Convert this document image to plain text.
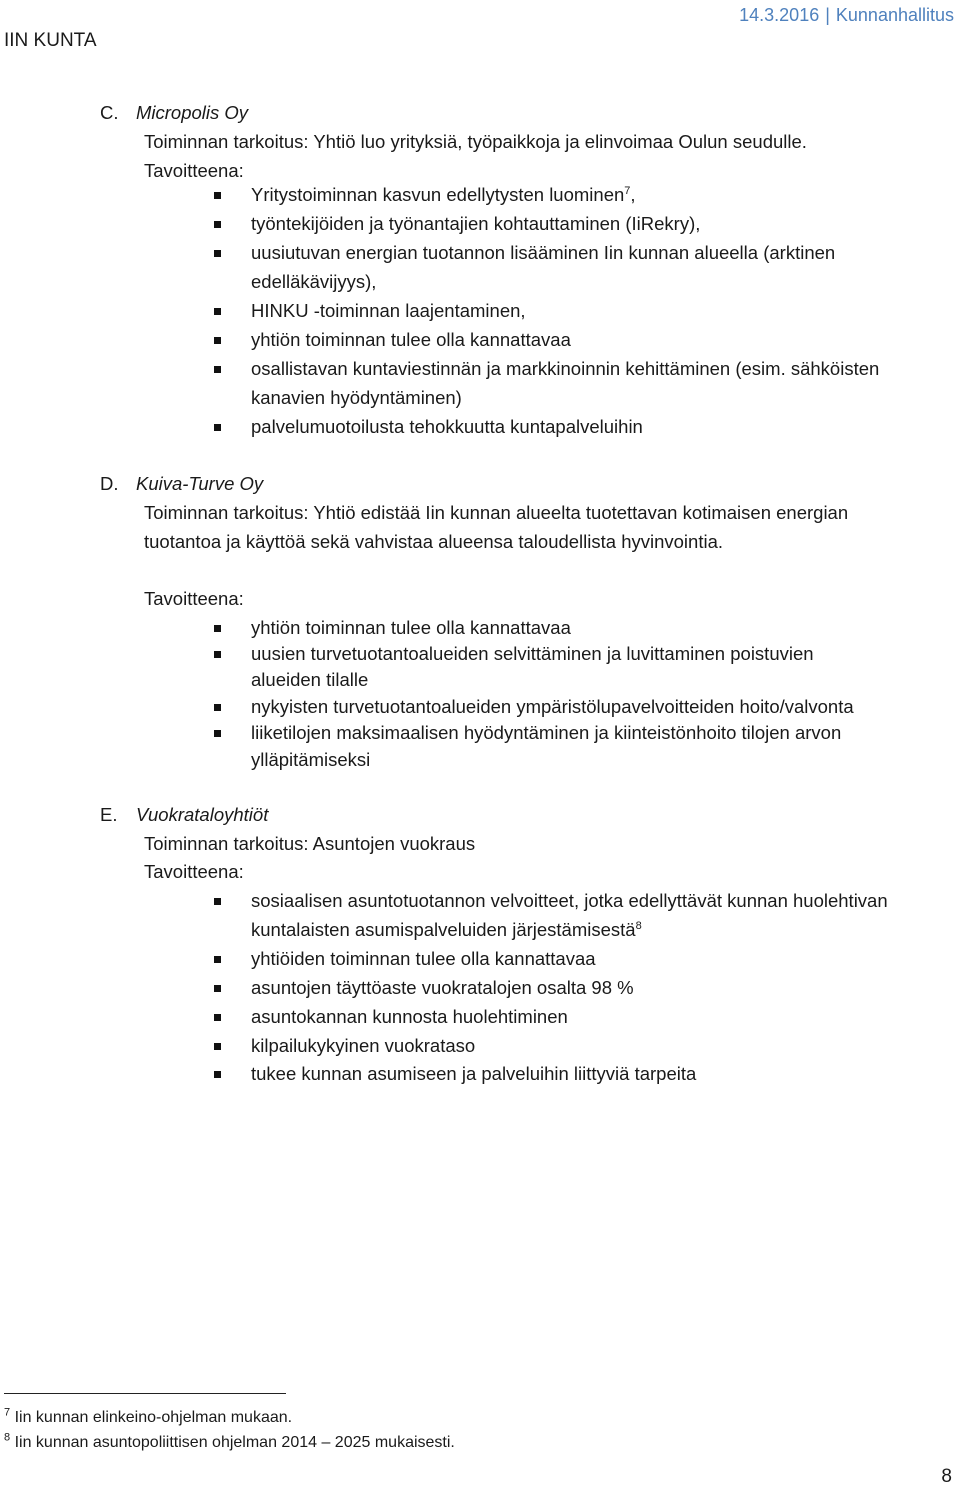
IIN KUNTA
14.3.2016 | Kunnanhallitus
C. Micropolis Oy
Toiminnan tarkoitus: Yhtiö luo yrityksiä, työpaikkoja ja elinvoimaa Oulun seudulle.
Tavoitteena:
Yritystoiminnan kasvun edellytysten luominen$^7$,
työntekijöiden ja työnantajien kohtauttaminen (IiRekry),
uusiutuvan energian tuotannon lisääminen Iin kunnan alueella (arktinen
edelläkävijyys),
HINKU -toiminnan laajentaminen,
yhtiön toiminnan tulee olla kannattavaa
osallistavan kuntaviestinnän ja markkinoinnin kehittäminen (esim. sähköisten
kanavien hyödyntäminen)
palvelumuotoilusta tehokkuutta kuntapalveluihin
D. Kuiva-Turve Oy
Toiminnan tarkoitus: Yhtiö edistää Iin kunnan alueelta tuotettavan kotimaisen energian
tuotantoa ja käyttöä sekä vahvistaa alueensa taloudellista hyvinvointia.
Tavoitteena:
yhtiön toiminnan tulee olla kannattavaa
uusien turvetuotantoalueiden selvittäminen ja luvittaminen poistuvien
alueiden tilalle
nykyisten turvetuotantoalueiden ympäristölupavelvoitteiden hoito/valvonta
liiketilojen maksimaalisen hyödyntäminen ja kiinteistönhoito tilojen arvon
ylläpitämiseksi
E. Vuokrataloyhtiöt
Toiminnan tarkoitus: Asuntojen vuokraus
Tavoitteena:
sosiaalisen asuntotuotannon velvoitteet, jotka edellyttävät kunnan huolehtivan
kuntalaisten asumispalveluiden järjestämisestä$^8$
yhtiöiden toiminnan tulee olla kannattavaa
asuntojen täyttöaste vuokratalojen osalta 98 %
asuntokannan kunnosta huolehtiminen
kilpailukykyinen vuokrataso
tukee kunnan asumiseen ja palveluihin liittyviä tarpeita
$^7$ Iin kunnan elinkeino-ohjelman mukaan.
$^8$ Iin kunnan asuntopoliittisen ohjelman 2014 – 2025 mukaisesti.
8
